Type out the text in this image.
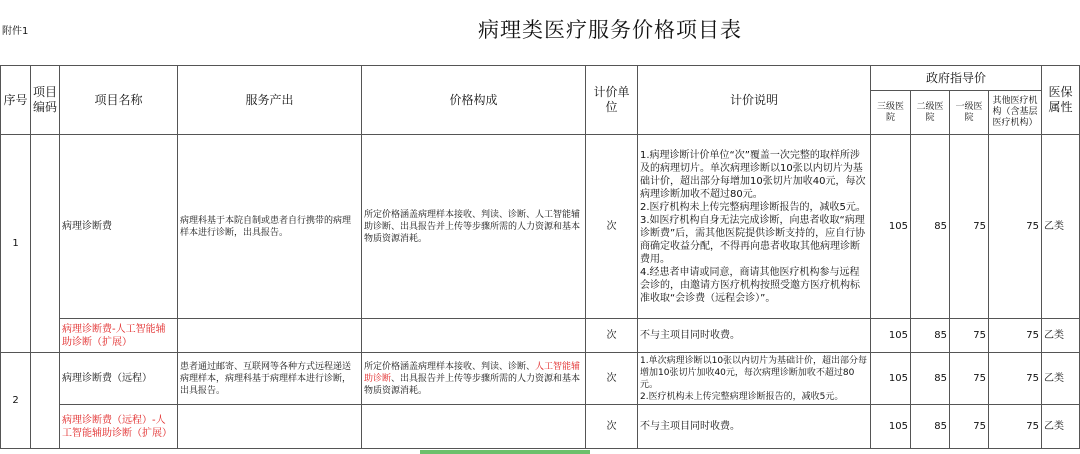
附件1	病理类医疗服务价格项目表
序号	项目编码	项目名称	服务产出	价格构成	计价单位	计价说明	政府指导价				医保属性
							三级医院	二级医院	一级医院	其他医疗机构（含基层医疗机构）	
1		病理诊断费	病理科基于本院自制或患者自行携带的病理样本进行诊断，出具报告。	所定价格涵盖病理样本接收、判读、诊断、人工智能辅助诊断、出具报告并上传等步骤所需的人力资源和基本物质资源消耗。	次	1.病理诊断计价单位“次”覆盖一次完整的取样所涉及的病理切片。单次病理诊断以10张以内切片为基础计价，超出部分每增加10张切片加收40元，每次病理诊断加收不超过80元。
2.医疗机构未上传完整病理诊断报告的，减收5元。
3.如医疗机构自身无法完成诊断，向患者收取“病理诊断费”后，需其他医院提供诊断支持的，应自行协商确定收益分配，不得再向患者收取其他病理诊断费用。
4.经患者申请或同意，商请其他医疗机构参与远程会诊的，由邀请方医疗机构按照受邀方医疗机构标准收取“会诊费（远程会诊）”。	105	85	75	75	乙类
		病理诊断费-人工智能辅助诊断（扩展）			次	不与主项目同时收费。	105	85	75	75	乙类
2		病理诊断费（远程）	患者通过邮寄、互联网等各种方式远程递送病理样本，病理科基于病理样本进行诊断，出具报告。	所定价格涵盖病理样本接收、判读、诊断、人工智能辅助诊断、出具报告并上传等步骤所需的人力资源和基本物质资源消耗。	次	1.单次病理诊断以10张以内切片为基础计价，超出部分每增加10张切片加收40元，每次病理诊断加收不超过80元。
2.医疗机构未上传完整病理诊断报告的，减收5元。	105	85	75	75	乙类
		病理诊断费（远程）-人工智能辅助诊断（扩展）			次	不与主项目同时收费。	105	85	75	75	乙类
